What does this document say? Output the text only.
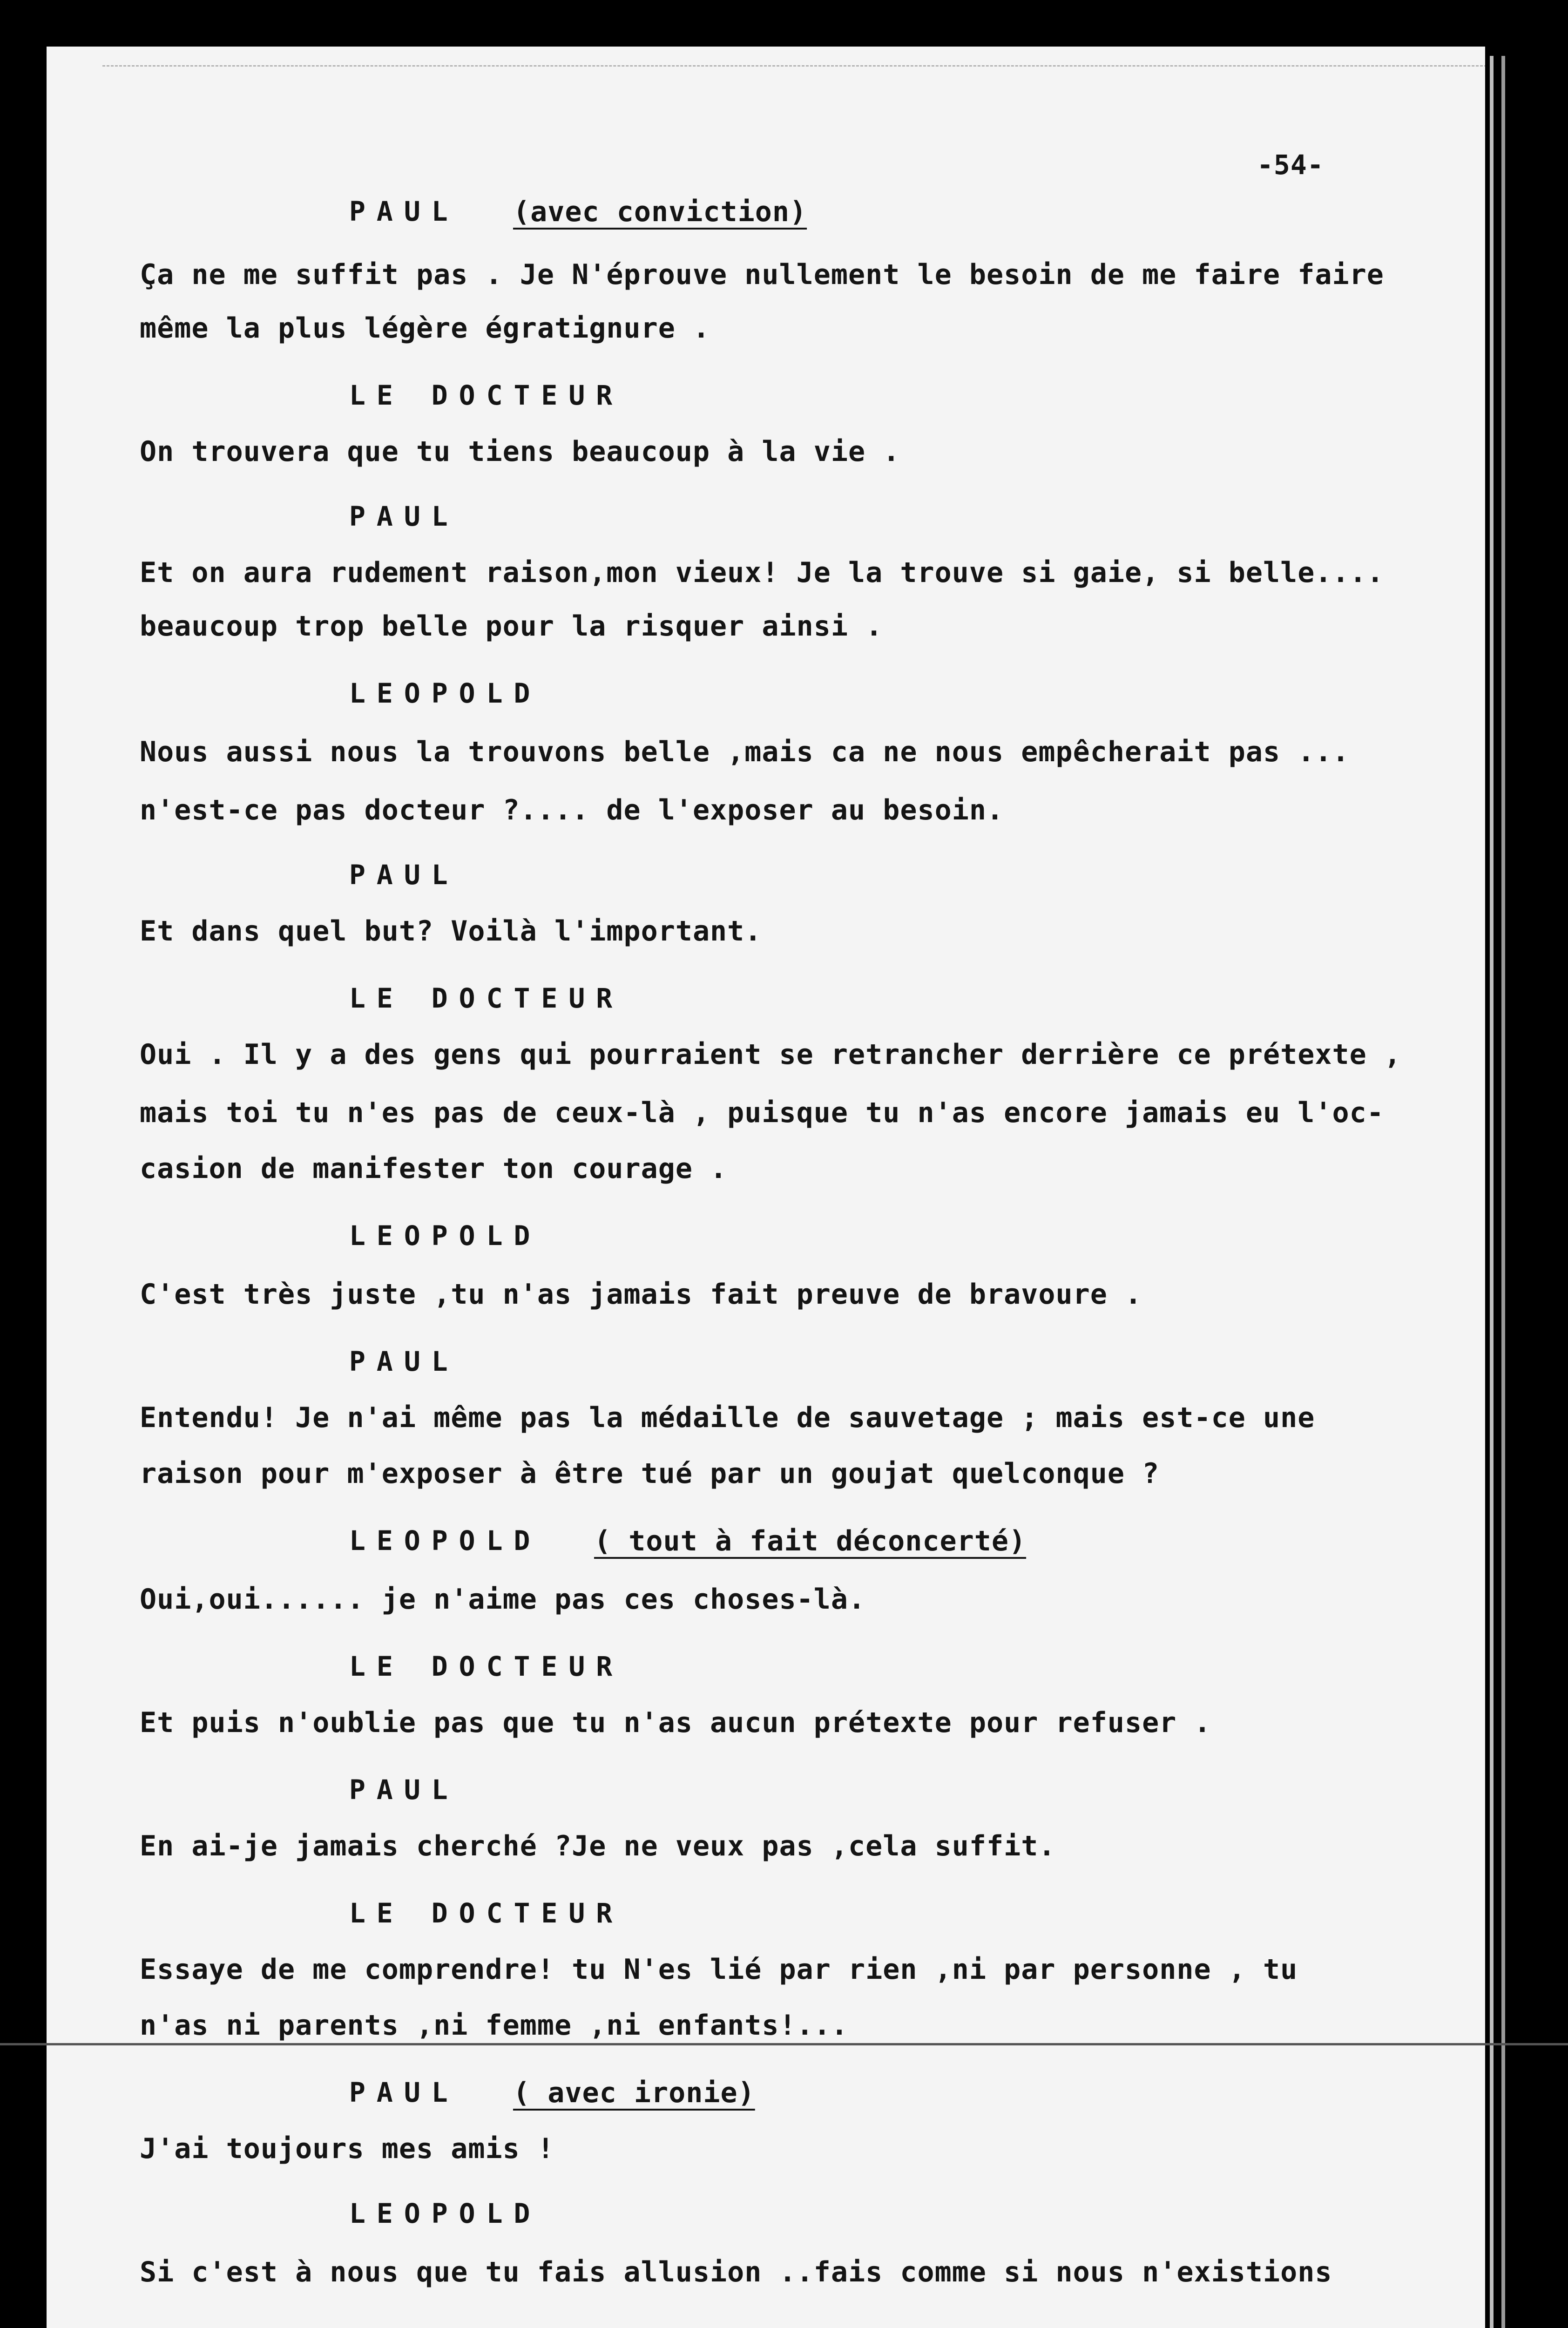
PAUL (avec conviction)
Ça ne me suffit pas . Je N'éprouve nullement le besoin de me faire faire
même la plus légère égratignure .
LE DOCTEUR
On trouvera que tu tiens beaucoup à la vie .
PAUL
Et on aura rudement raison,mon vieux! Je la trouve si gaie, si belle....
beaucoup trop belle pour la risquer ainsi .
LEOPOLD
Nous aussi nous la trouvons belle ,mais ca ne nous empêcherait pas ...
n'est-ce pas docteur ?.... de l'exposer au besoin.
PAUL
Et dans quel but? Voilà l'important.
LE DOCTEUR
Oui . Il y a des gens qui pourraient se retrancher derrière ce prétexte ,
mais toi tu n'es pas de ceux-là , puisque tu n'as encore jamais eu l'oc-
casion de manifester ton courage .
LEOPOLD
C'est très juste ,tu n'as jamais fait preuve de bravoure .
PAUL
Entendu! Je n'ai même pas la médaille de sauvetage ; mais est-ce une
raison pour m'exposer à être tué par un goujat quelconque ?
LEOPOLD ( tout à fait déconcerté)
Oui,oui...... je n'aime pas ces choses-là.
LE DOCTEUR
Et puis n'oublie pas que tu n'as aucun prétexte pour refuser .
PAUL
En ai-je jamais cherché ?Je ne veux pas ,cela suffit.
LE DOCTEUR
Essaye de me comprendre! tu N'es lié par rien ,ni par personne , tu
n'as ni parents ,ni femme ,ni enfants!...
PAUL ( avec ironie)
J'ai toujours mes amis !
LEOPOLD
Si c'est à nous que tu fais allusion ..fais comme si nous n'existions
-54-
